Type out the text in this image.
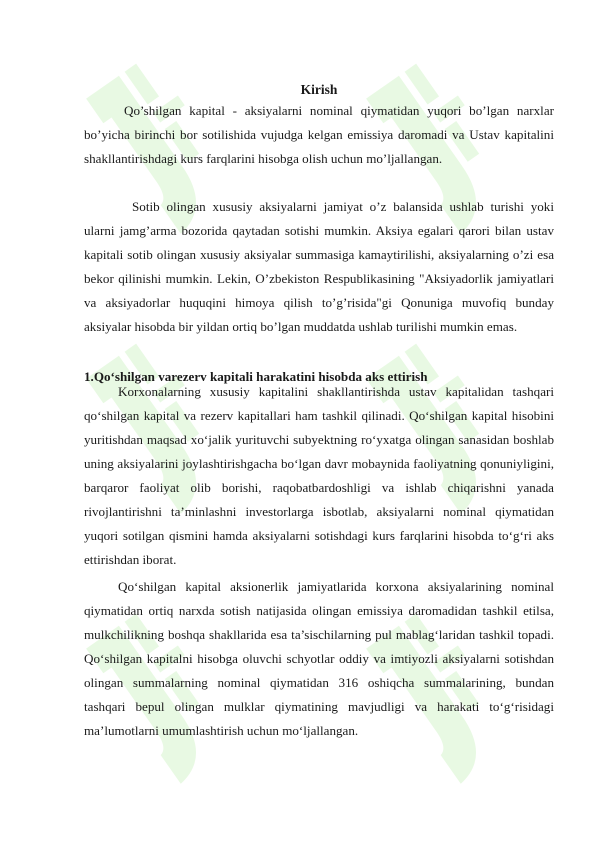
Kirish
Qo’shilgan kapital - aksiyalarni nominal qiymatidan yuqori bo’lgan narxlar bo’yicha birinchi bor sotilishida vujudga kelgan emissiya daromadi va Ustav kapitalini shakllantirishdagi kurs farqlarini hisobga olish uchun mo’ljallangan.
Sotib olingan xususiy aksiyalarni jamiyat o’z balansida ushlab turishi yoki ularni jamg’arma bozorida qaytadan sotishi mumkin. Aksiya egalari qarori bilan ustav kapitali sotib olingan xususiy aksiyalar summasiga kamaytirilishi, aksiyalarning o’zi esa bekor qilinishi mumkin. Lekin, O’zbekiston Respublikasining "Aksiyadorlik jamiyatlari va aksiyadorlar huquqini himoya qilish to’g’risida"gi Qonuniga muvofiq bunday aksiyalar hisobda bir yildan ortiq bo’lgan muddatda ushlab turilishi mumkin emas.
1.Qo‘shilgan varezerv kapitali harakatini hisobda aks ettirish
Korxonalarning xususiy kapitalini shakllantirishda ustav kapitalidan tashqari qo‘shilgan kapital va rezerv kapitallari ham tashkil qilinadi. Qo‘shilgan kapital hisobini yuritishdan maqsad xo‘jalik yurituvchi subyektning ro‘yxatga olingan sanasidan boshlab uning aksiyalarini joylashtirishgacha bo‘lgan davr mobaynida faoliyatning qonuniyligini, barqaror faoliyat olib borishi, raqobatbardoshligi va ishlab chiqarishni yanada rivojlantirishni ta’minlashni investorlarga isbotlab, aksiyalarni nominal qiymatidan yuqori sotilgan qismini hamda aksiyalarni sotishdagi kurs farqlarini hisobda to‘g‘ri aks ettirishdan iborat.
Qo‘shilgan kapital aksionerlik jamiyatlarida korxona aksiyalarining nominal qiymatidan ortiq narxda sotish natijasida olingan emissiya daromadidan tashkil etilsa, mulkchilikning boshqa shakllarida esa ta’sischilarning pul mablag‘laridan tashkil topadi. Qo‘shilgan kapitalni hisobga oluvchi schyotlar oddiy va imtiyozli aksiyalarni sotishdan olingan summalarning nominal qiymatidan 316 oshiqcha summalarining, bundan tashqari bepul olingan mulklar qiymatining mavjudligi va harakati to‘g‘risidagi ma’lumotlarni umumlashtirish uchun mo‘ljallangan.
